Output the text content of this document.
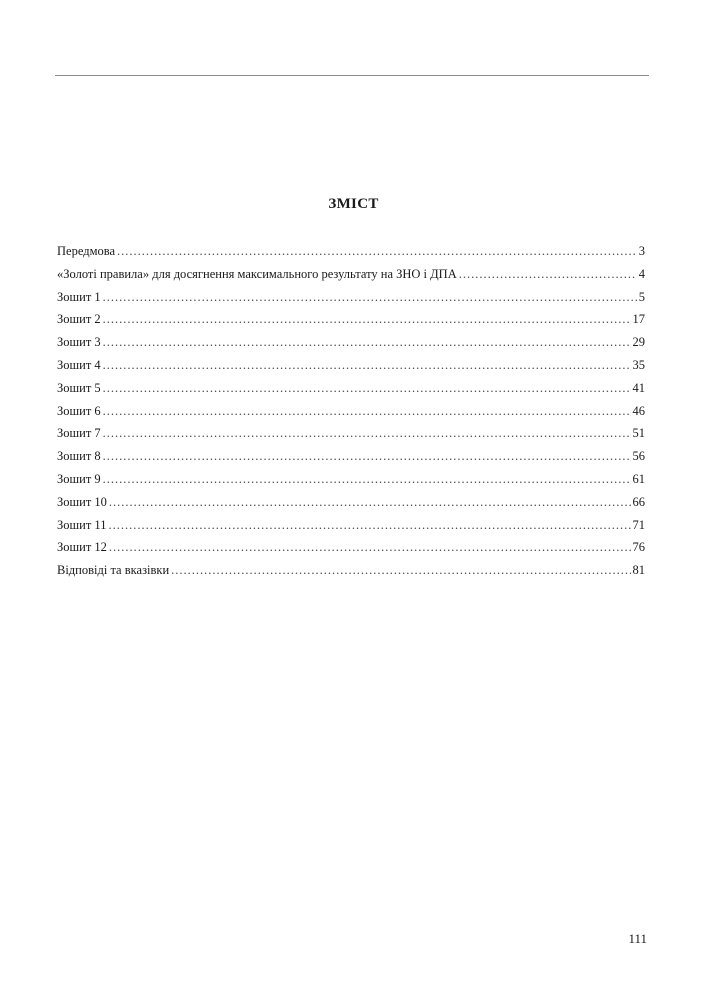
ЗМІСТ
Передмова .....	3
«Золоті правила» для досягнення максимального результату на ЗНО і ДПА .....	4
Зошит 1 .....	5
Зошит 2 .....	17
Зошит 3 .....	29
Зошит 4 .....	35
Зошит 5 .....	41
Зошит 6 .....	46
Зошит 7 .....	51
Зошит 8 .....	56
Зошит 9 .....	61
Зошит 10 .....	66
Зошит 11 .....	71
Зошит 12 .....	76
Відповіді та вказівки .....	81
111
